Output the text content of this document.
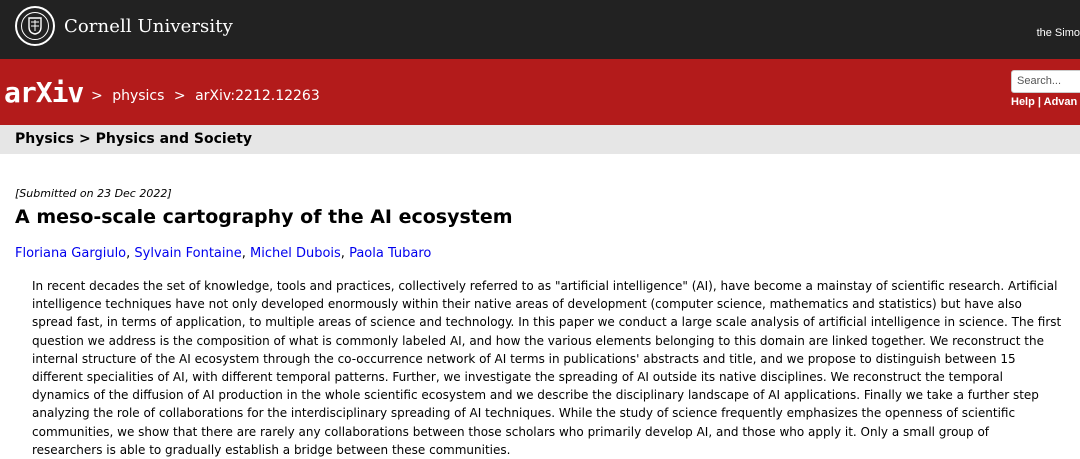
Cornell University	the Simo
arXiv > physics > arXiv:2212.12263
Search...
Help | Advan
Physics > Physics and Society
[Submitted on 23 Dec 2022]
A meso-scale cartography of the AI ecosystem
Floriana Gargiulo, Sylvain Fontaine, Michel Dubois, Paola Tubaro
In recent decades the set of knowledge, tools and practices, collectively referred to as "artificial intelligence" (AI), have become a mainstay of scientific research. Artificial intelligence techniques have not only developed enormously within their native areas of development (computer science, mathematics and statistics) but have also spread fast, in terms of application, to multiple areas of science and technology. In this paper we conduct a large scale analysis of artificial intelligence in science. The first question we address is the composition of what is commonly labeled AI, and how the various elements belonging to this domain are linked together. We reconstruct the internal structure of the AI ecosystem through the co-occurrence network of AI terms in publications' abstracts and title, and we propose to distinguish between 15 different specialities of AI, with different temporal patterns. Further, we investigate the spreading of AI outside its native disciplines. We reconstruct the temporal dynamics of the diffusion of AI production in the whole scientific ecosystem and we describe the disciplinary landscape of AI applications. Finally we take a further step analyzing the role of collaborations for the interdisciplinary spreading of AI techniques. While the study of science frequently emphasizes the openness of scientific communities, we show that there are rarely any collaborations between those scholars who primarily develop AI, and those who apply it. Only a small group of researchers is able to gradually establish a bridge between these communities.
